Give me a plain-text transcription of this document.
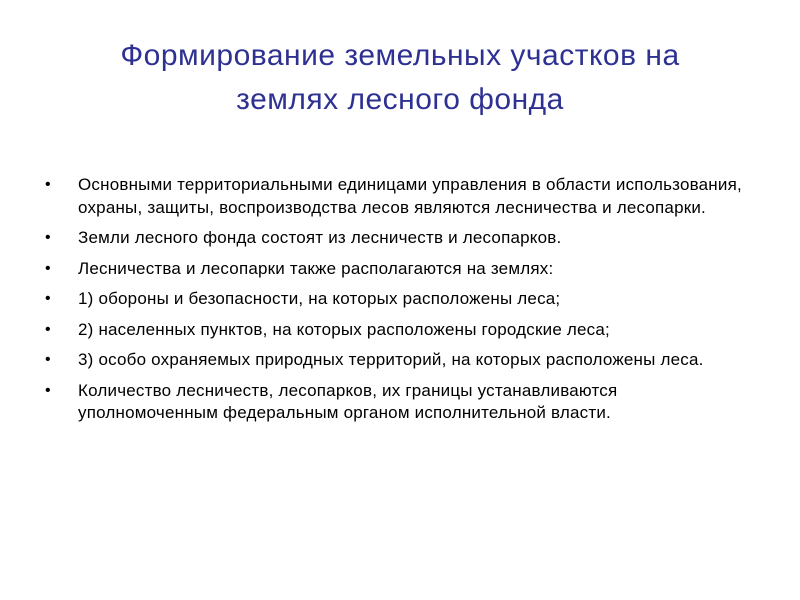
Формирование земельных участков на
землях лесного фонда
•	Основными территориальными единицами управления в области использования, охраны, защиты, воспроизводства лесов являются лесничества и лесопарки.
•	Земли лесного фонда состоят из лесничеств и лесопарков.
•	Лесничества и лесопарки также располагаются на землях:
•	1) обороны и безопасности, на которых расположены леса;
•	2) населенных пунктов, на которых расположены городские леса;
•	3) особо охраняемых природных территорий, на которых расположены леса.
•	Количество лесничеств, лесопарков, их границы устанавливаются уполномоченным федеральным органом исполнительной власти.
